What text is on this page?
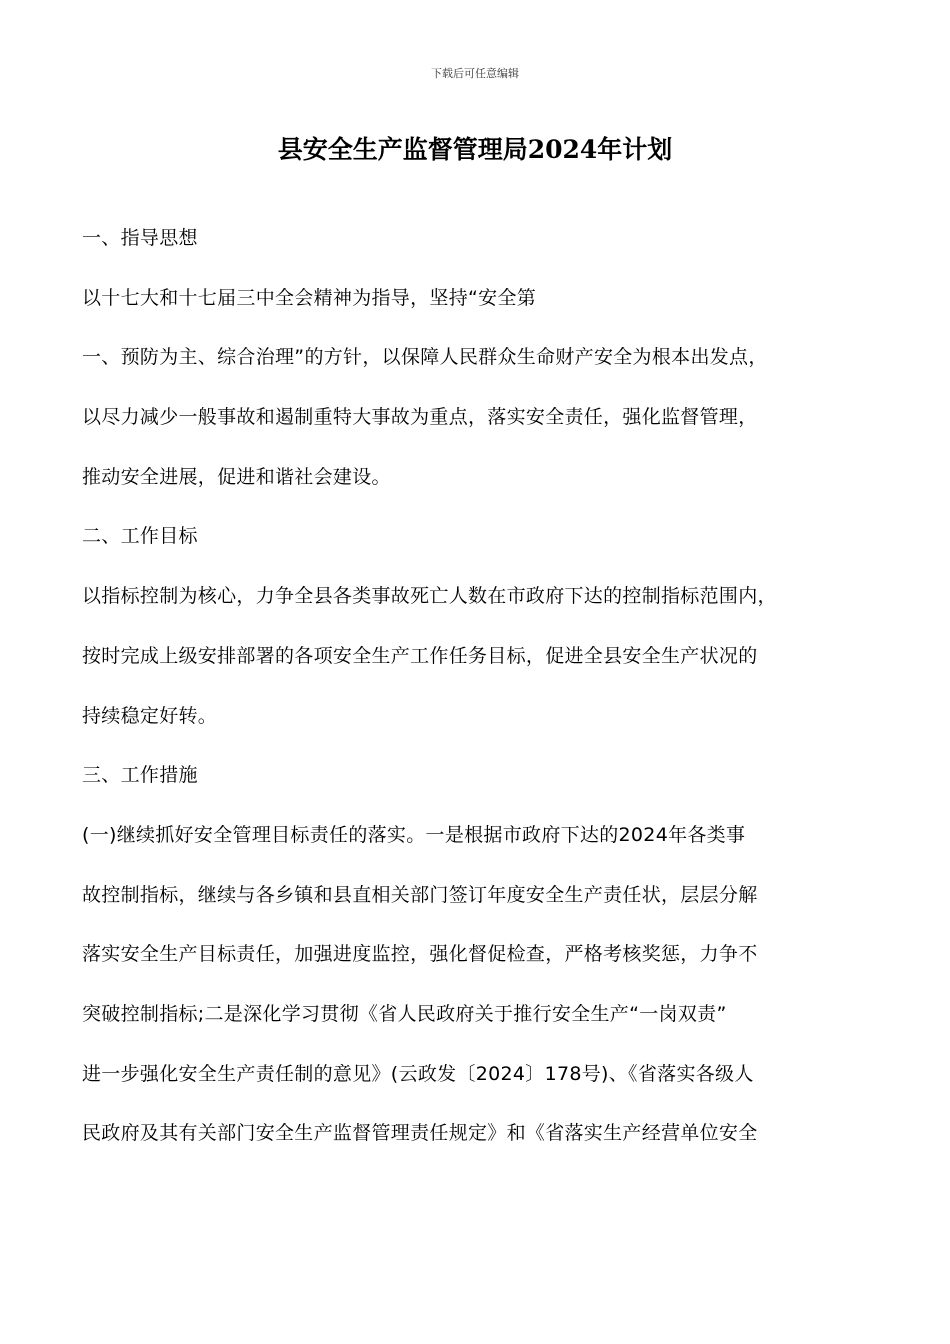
下载后可任意编辑
县安全生产监督管理局2024年计划
一、指导思想
以十七大和十七届三中全会精神为指导，坚持“安全第
一、预防为主、综合治理”的方针，以保障人民群众生命财产安全为根本出发点，
以尽力减少一般事故和遏制重特大事故为重点，落实安全责任，强化监督管理，
推动安全进展，促进和谐社会建设。
二、工作目标
以指标控制为核心，力争全县各类事故死亡人数在市政府下达的控制指标范围内，
按时完成上级安排部署的各项安全生产工作任务目标，促进全县安全生产状况的
持续稳定好转。
三、工作措施
(一)继续抓好安全管理目标责任的落实。一是根据市政府下达的2024年各类事
故控制指标，继续与各乡镇和县直相关部门签订年度安全生产责任状，层层分解
落实安全生产目标责任，加强进度监控，强化督促检查，严格考核奖惩，力争不
突破控制指标;二是深化学习贯彻《省人民政府关于推行安全生产“一岗双责”
进一步强化安全生产责任制的意见》(云政发〔2024〕178号)、《省落实各级人
民政府及其有关部门安全生产监督管理责任规定》和《省落实生产经营单位安全
